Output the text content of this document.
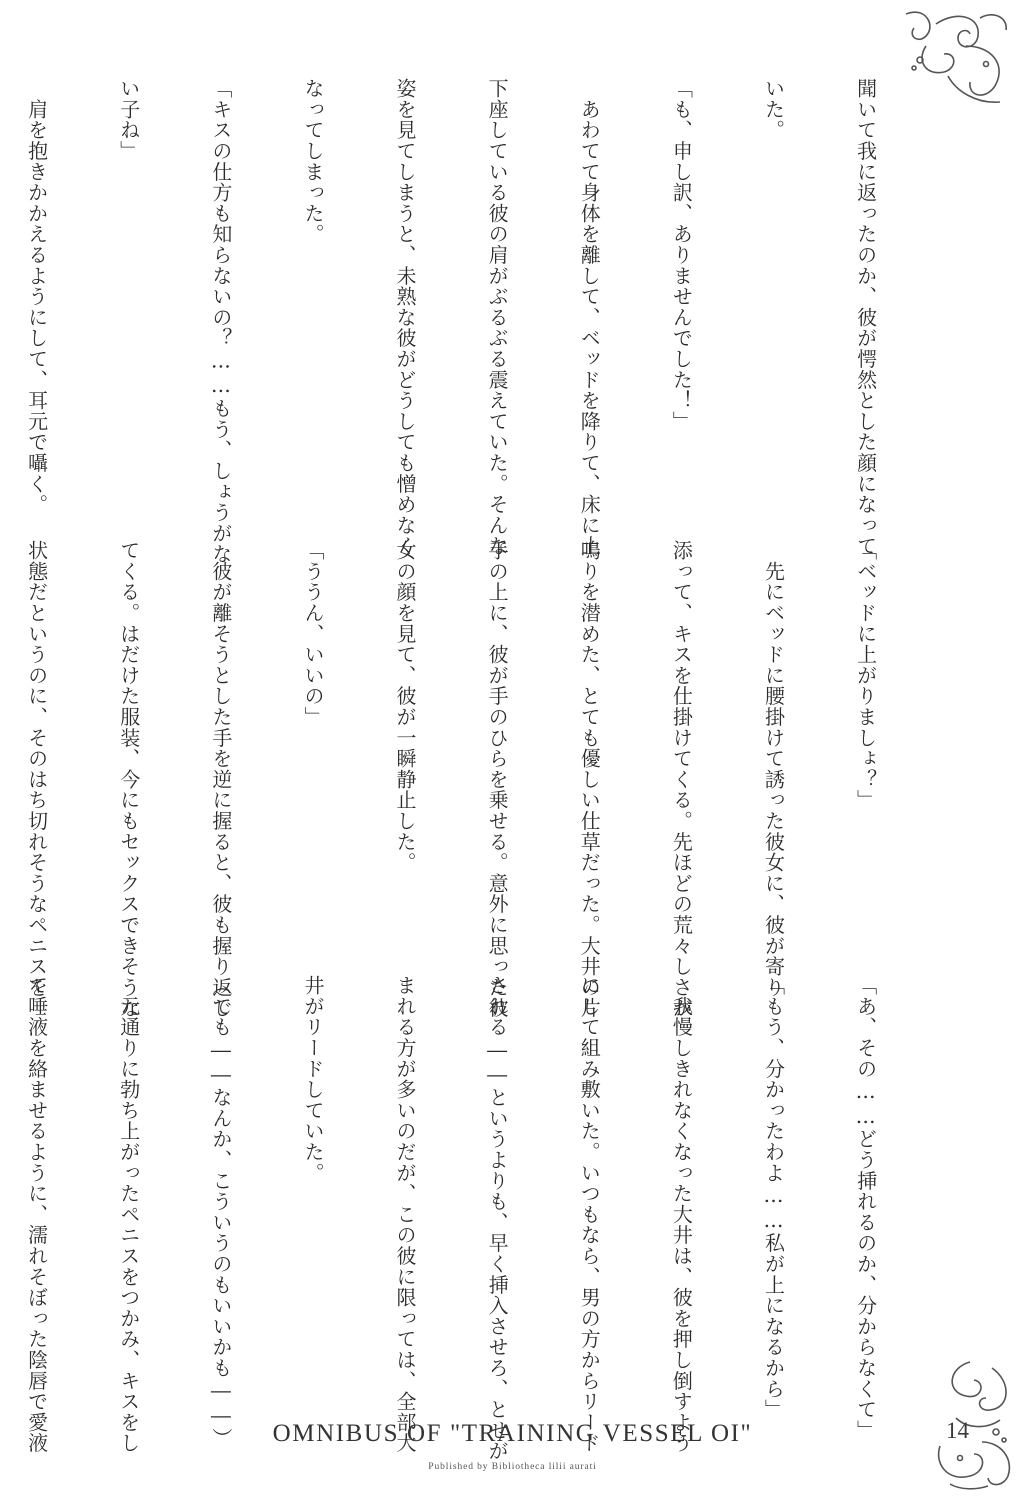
聞いて我に返ったのか、彼が愕然とした顔になって

いた。

「も、申し訳、ありませんでした！」

　あわてて身体を離して、ベッドを降りて、床に土

下座している彼の肩がぶるぶる震えていた。そんな

姿を見てしまうと、未熟な彼がどうしても憎めなく

なってしまった。

「キスの仕方も知らないの？……もう、しょうがな

い子ね」

　肩を抱きかかえるようにして、耳元で囁く。

「ベッドに上がりましょ？」

　先にベッドに腰掛けて誘った彼女に、彼が寄り

添って、キスを仕掛けてくる。先ほどの荒々しさが

鳴りを潜めた、とても優しい仕草だった。大井の片

手の上に、彼が手のひらを乗せる。意外に思った彼

女の顔を見て、彼が一瞬静止した。

「ううん、いいの」

　彼が離そうとした手を逆に握ると、彼も握り返し

てくる。はだけた服装、今にもセックスできそうな

状態だというのに、そのはち切れそうなペニスを

「あ、その……どう挿れるのか、分からなくて」

「もう、分かったわよ……私が上になるから」

　我慢しきれなくなった大井は、彼を押し倒すよう

にして組み敷いた。いつもなら、男の方からリード

される――というよりも、早く挿入させろ、とせが

まれる方が多いのだが、この彼に限っては、全部大

井がリードしていた。

（でも――なんか、こういうのもいいかも――）

　元通りに勃ち上がったペニスをつかみ、キスをし

て唾液を絡ませるように、濡れそぼった陰唇で愛液

	14
OMNIBUS OF "TRAINING VESSEL OI"
Published by Bibliotheca lilii aurati
